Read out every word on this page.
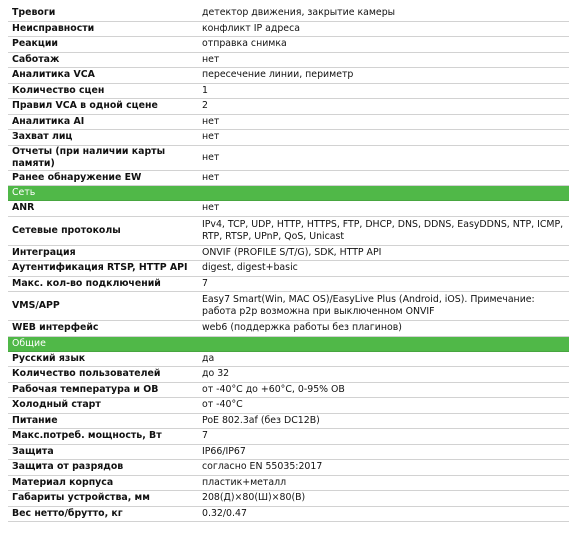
Тревоги	детектор движения, закрытие камеры
Неисправности	конфликт IP адреса
Реакции	отправка снимка
Саботаж	нет
Аналитика VCA	пересечение линии, периметр
Количество сцен	1
Правил VCA в одной сцене	2
Аналитика AI	нет
Захват лиц	нет
Отчеты (при наличии карты памяти)	нет
Ранее обнаружение EW	нет
Сеть	
ANR	нет
Сетевые протоколы	IPv4, TCP, UDP, HTTP, HTTPS, FTP, DHCP, DNS, DDNS, EasyDDNS, NTP, ICMP, RTP, RTSP, UPnP, QoS, Unicast
Интеграция	ONVIF (PROFILE S/T/G), SDK, HTTP API
Аутентификация RTSP, HTTP API	digest, digest+basic
Макс. кол-во подключений	7
VMS/APP	Easy7 Smart(Win, MAC OS)/EasyLive Plus (Android, iOS). Примечание: работа p2p возможна при выключенном ONVIF
WEB интерфейс	web6 (поддержка работы без плагинов)
Общие	
Русский язык	да
Количество пользователей	до 32
Рабочая температура и ОВ	от -40°С до +60°С, 0-95% ОВ
Холодный старт	от -40°С
Питание	PoE 802.3af (без DC12B)
Макс.потреб. мощность, Вт	7
Защита	IP66/IP67
Защита от разрядов	согласно EN 55035:2017
Материал корпуса	пластик+металл
Габариты устройства, мм	208(Д)×80(Ш)×80(В)
Вес нетто/брутто, кг	0.32/0.47
